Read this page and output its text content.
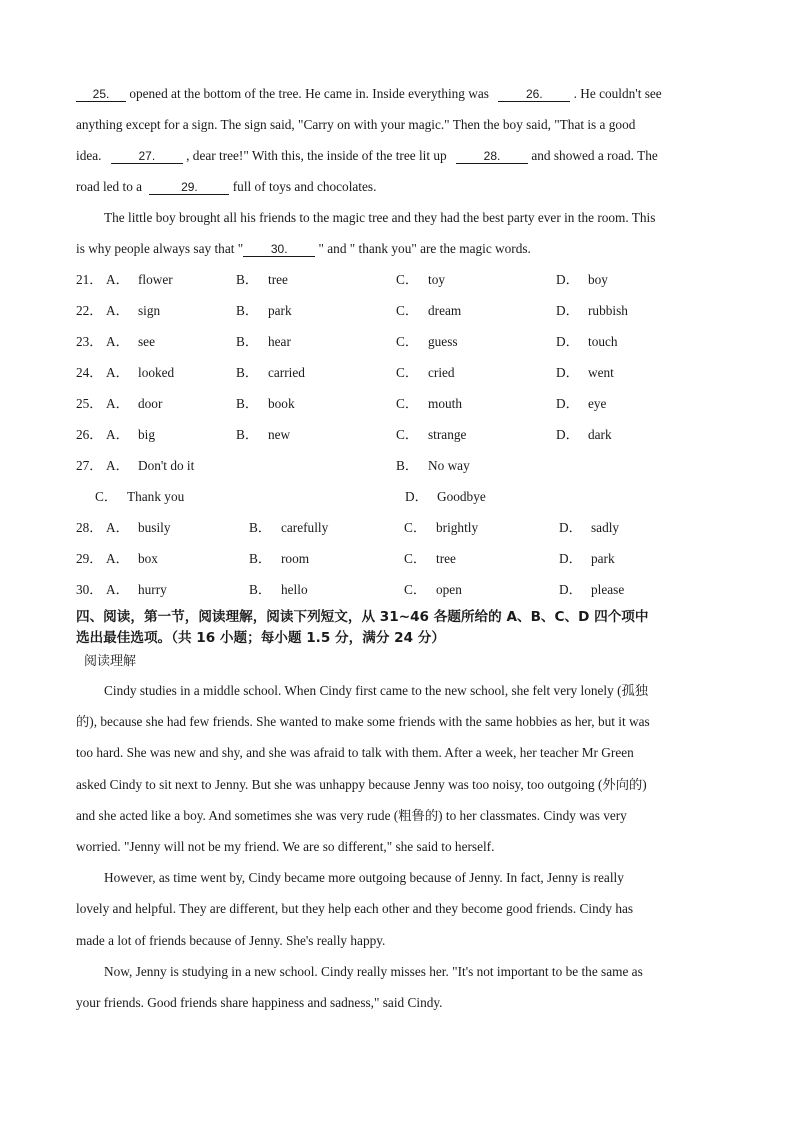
25. opened at the bottom of the tree. He came in. Inside everything was	26. . He couldn't see
anything except for a sign. The sign said, "Carry on with your magic." Then the boy said, "That is a good
idea.	27. , dear tree!" With this, the inside of the tree lit up	28. and showed a road. The
road led to a	29.	full of toys and chocolates.
The little boy brought all his friends to the magic tree and they had the best party ever in the room. This
is why people always say that " 30. " and " thank you" are the magic words.
21． A． flower	B． tree	C． toy	D． boy
22． A． sign	B． park	C． dream	D． rubbish
23． A． see	B． hear	C． guess	D． touch
24． A． looked	B． carried	C． cried	D． went
25． A． door	B． book	C． mouth	D． eye
26． A． big	B． new	C． strange	D． dark
27． A． Don't do it	B． No way
C． Thank you	D． Goodbye
28． A． busily	B． carefully	C． brightly	D． sadly
29． A． box	B． room	C． tree	D． park
30． A． hurry	B． hello	C． open	D． please
四、阅读，第一节，阅读理解，阅读下列短文，从 31~46 各题所给的 A、B、C、D 四个项中
选出最佳选项。（共 16 小题；每小题 1.5 分，满分 24 分）
阅读理解
Cindy studies in a middle school. When Cindy first came to the new school, she felt very lonely (孤独
的), because she had few friends. She wanted to make some friends with the same hobbies as her, but it was
too hard. She was new and shy, and she was afraid to talk with them. After a week, her teacher Mr Green
asked Cindy to sit next to Jenny. But she was unhappy because Jenny was too noisy, too outgoing (外向的)
and she acted like a boy. And sometimes she was very rude (粗鲁的) to her classmates. Cindy was very
worried. "Jenny will not be my friend. We are so different," she said to herself.
However, as time went by, Cindy became more outgoing because of Jenny. In fact, Jenny is really
lovely and helpful. They are different, but they help each other and they become good friends. Cindy has
made a lot of friends because of Jenny. She's really happy.
Now, Jenny is studying in a new school. Cindy really misses her. "It's not important to be the same as
your friends. Good friends share happiness and sadness," said Cindy.
